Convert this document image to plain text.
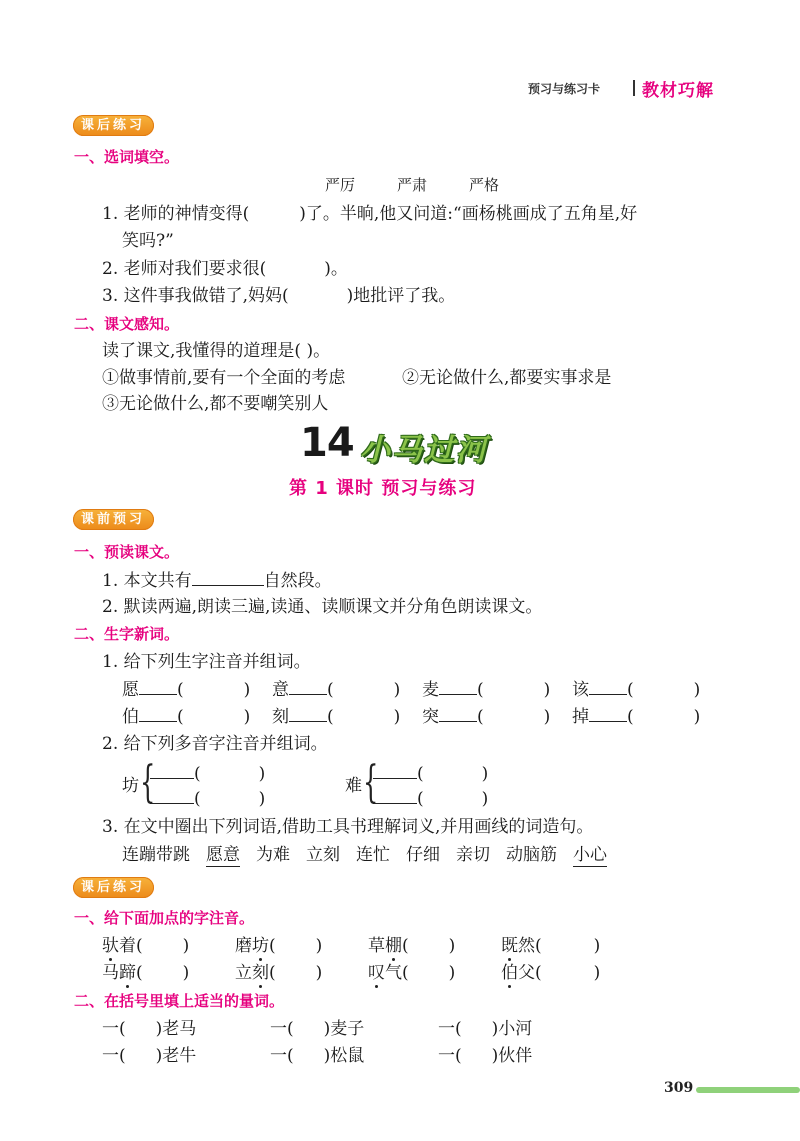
预习与练习卡 教材巧解
课后练习
一、选词填空。
严厉	严肃	严格
1. 老师的神情变得(	)了。半晌,他又问道:“画杨桃画成了五角星,好
笑吗?”
2. 老师对我们要求很(	)。
3. 这件事我做错了,妈妈(	)地批评了我。
二、课文感知。
读了课文,我懂得的道理是( )。
①做事情前,要有一个全面的考虑	②无论做什么,都要实事求是
③无论做什么,都不要嘲笑别人
14 小马过河
第 1 课时 预习与练习
课前预习
一、预读课文。
1. 本文共有	自然段。
2. 默读两遍,朗读三遍,读通、读顺课文并分角色朗读课文。
二、生字新词。
1. 给下列生字注音并组词。
愿 (	) 意 (	) 麦 (	) 该 (	)
伯 (	) 刻 (	) 突 (	) 掉 (	)
2. 给下列多音字注音并组词。
坊 {	(	)
(	)
难 {	(	)
(	)
3. 在文中圈出下列词语,借助工具书理解词义,并用画线的词造句。
连蹦带跳 愿意 为难 立刻 连忙 仔细 亲切 动脑筋 小心
课后练习
一、给下面加点的字注音。
驮着( )	磨坊( )	草棚( )	既然(	)
马蹄( )	立刻( )	叹气( )	伯父(	)
二、在括号里填上适当的量词。
一( )老马	一( )麦子	一( )小河
一( )老牛	一( )松鼠	一( )伙伴
309
